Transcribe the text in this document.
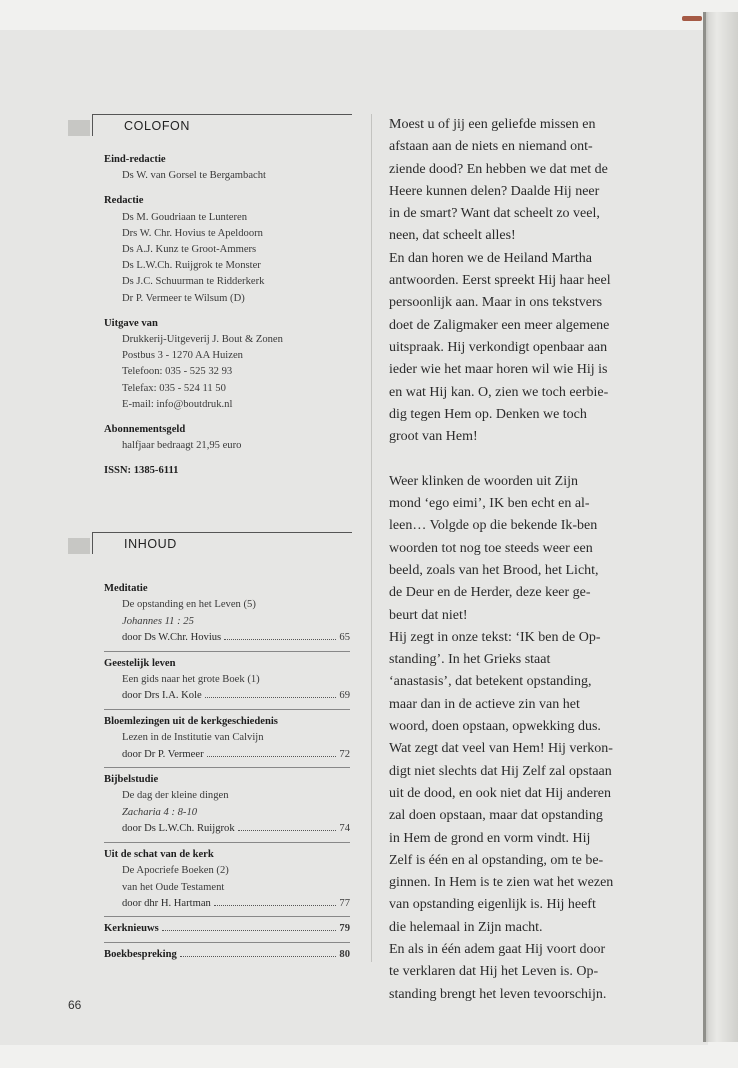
COLOFON
Eind-redactie
Ds W. van Gorsel te Bergambacht
Redactie
Ds M. Goudriaan te Lunteren
Drs W. Chr. Hovius te Apeldoorn
Ds A.J. Kunz te Groot-Ammers
Ds L.W.Ch. Ruijgrok te Monster
Ds J.C. Schuurman te Ridderkerk
Dr P. Vermeer te Wilsum (D)
Uitgave van
Drukkerij-Uitgeverij J. Bout & Zonen
Postbus 3 - 1270 AA Huizen
Telefoon: 035 - 525 32 93
Telefax: 035 - 524 11 50
E-mail: info@boutdruk.nl
Abonnementsgeld
halfjaar bedraagt 21,95 euro
ISSN: 1385-6111
INHOUD
Meditatie
De opstanding en het Leven (5)
Johannes 11 : 25
door Ds W.Chr. Hovius	65
Geestelijk leven
Een gids naar het grote Boek (1)
door Drs I.A. Kole	69
Bloemlezingen uit de kerkgeschiedenis
Lezen in de Institutie van Calvijn
door Dr P. Vermeer	72
Bijbelstudie
De dag der kleine dingen
Zacharia 4 : 8-10
door Ds L.W.Ch. Ruijgrok	74
Uit de schat van de kerk
De Apocriefe Boeken (2)
van het Oude Testament
door dhr H. Hartman	77
Kerknieuws	79
Boekbespreking	80
Moest u of jij een geliefde missen en
afstaan aan de niets en niemand ont-
ziende dood? En hebben we dat met de
Heere kunnen delen? Daalde Hij neer
in de smart? Want dat scheelt zo veel,
neen, dat scheelt alles!
En dan horen we de Heiland Martha
antwoorden. Eerst spreekt Hij haar heel
persoonlijk aan. Maar in ons tekstvers
doet de Zaligmaker een meer algemene
uitspraak. Hij verkondigt openbaar aan
ieder wie het maar horen wil wie Hij is
en wat Hij kan. O, zien we toch eerbie-
dig tegen Hem op. Denken we toch
groot van Hem!
Weer klinken de woorden uit Zijn
mond ‘ego eimi’, IK ben echt en al-
leen… Volgde op die bekende Ik-ben
woorden tot nog toe steeds weer een
beeld, zoals van het Brood, het Licht,
de Deur en de Herder, deze keer ge-
beurt dat niet!
Hij zegt in onze tekst: ‘IK ben de Op-
standing’. In het Grieks staat
‘anastasis’, dat betekent opstanding,
maar dan in de actieve zin van het
woord, doen opstaan, opwekking dus.
Wat zegt dat veel van Hem! Hij verkon-
digt niet slechts dat Hij Zelf zal opstaan
uit de dood, en ook niet dat Hij anderen
zal doen opstaan, maar dat opstanding
in Hem de grond en vorm vindt. Hij
Zelf is één en al opstanding, om te be-
ginnen. In Hem is te zien wat het wezen
van opstanding eigenlijk is. Hij heeft
die helemaal in Zijn macht.
En als in één adem gaat Hij voort door
te verklaren dat Hij het Leven is. Op-
standing brengt het leven tevoorschijn.
66
